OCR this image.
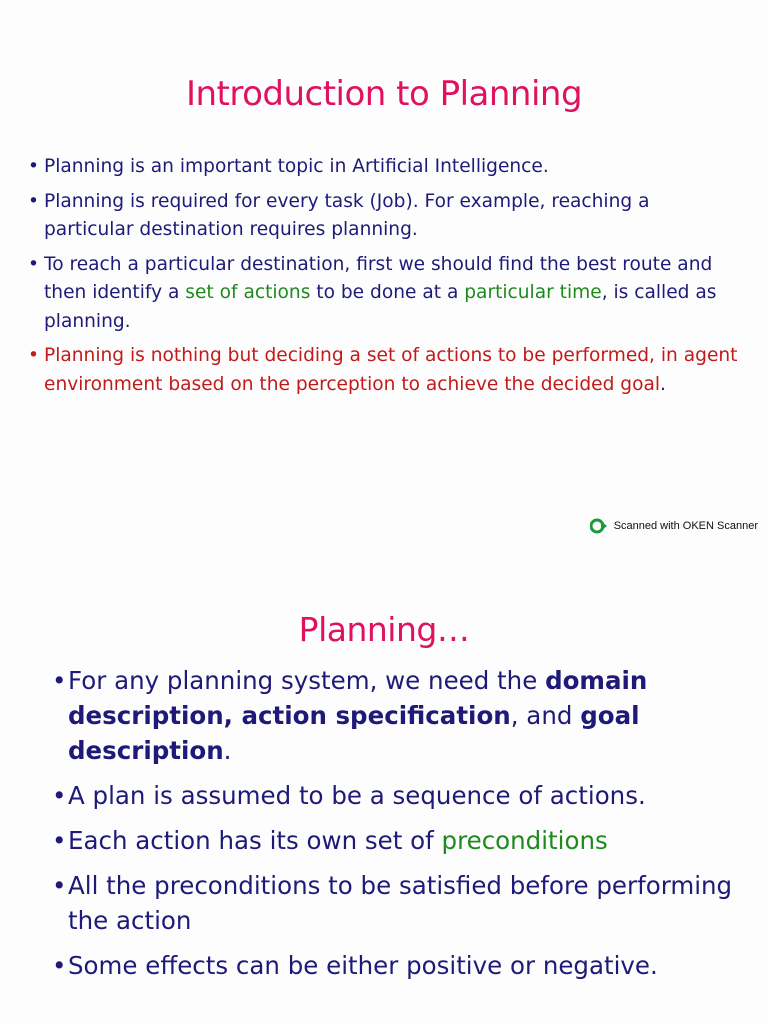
Introduction to Planning
• Planning is an important topic in Artificial Intelligence.
• Planning is required for every task (Job). For example, reaching a particular destination requires planning.
• To reach a particular destination, first we should find the best route and then identify a set of actions to be done at a particular time, is called as planning.
• Planning is nothing but deciding a set of actions to be performed, in agent environment based on the perception to achieve the decided goal.
Scanned with OKEN Scanner
Planning…
• For any planning system, we need the domain description, action specification, and goal description.
• A plan is assumed to be a sequence of actions.
• Each action has its own set of preconditions
• All the preconditions to be satisfied before performing the action
• Some effects can be either positive or negative.
